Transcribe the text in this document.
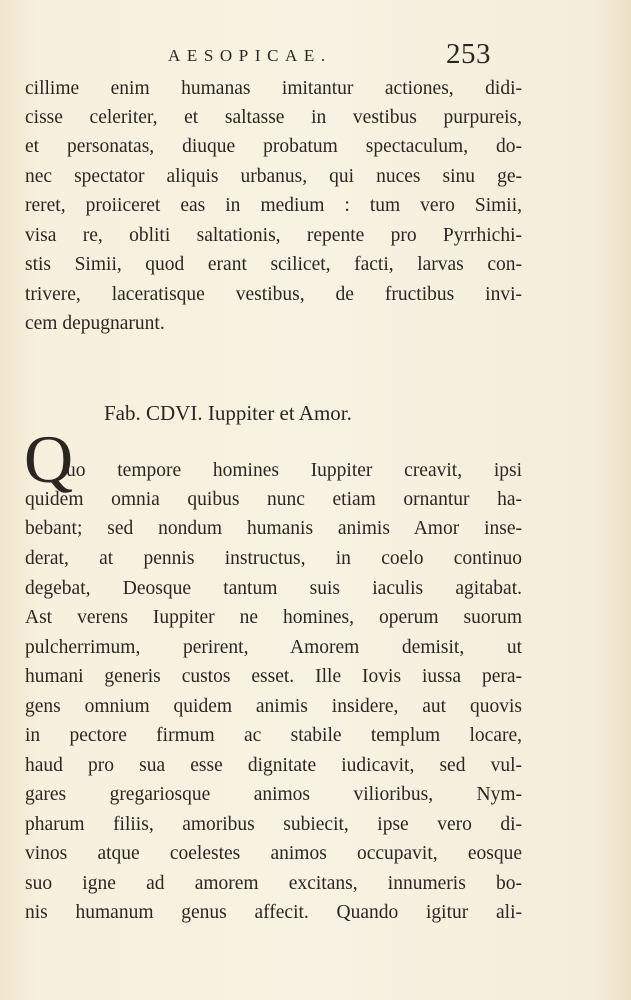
AESOPICAE.	253
cillime enim humanas imitantur actiones, didi-
cisse celeriter, et saltasse in vestibus purpureis,
et personatas, diuque probatum spectaculum, do-
nec spectator aliquis urbanus, qui nuces sinu ge-
reret, proiiceret eas in medium : tum vero Simii,
visa re, obliti saltationis, repente pro Pyrrhichi-
stis Simii, quod erant scilicet, facti, larvas con-
trivere, laceratisque vestibus, de fructibus invi-
cem depugnarunt.
Fab. CDVI. Iuppiter et Amor.
Q
uo tempore homines Iuppiter creavit, ipsi
quidem omnia quibus nunc etiam ornantur ha-
bebant; sed nondum humanis animis Amor inse-
derat, at pennis instructus, in coelo continuo
degebat, Deosque tantum suis iaculis agitabat.
Ast verens Iuppiter ne homines, operum suorum
pulcherrimum, perirent, Amorem demisit, ut
humani generis custos esset. Ille Iovis iussa pera-
gens omnium quidem animis insidere, aut quovis
in pectore firmum ac stabile templum locare,
haud pro sua esse dignitate iudicavit, sed vul-
gares gregariosque animos vilioribus, Nym-
pharum filiis, amoribus subiecit, ipse vero di-
vinos atque coelestes animos occupavit, eosque
suo igne ad amorem excitans, innumeris bo-
nis humanum genus affecit. Quando igitur ali-
